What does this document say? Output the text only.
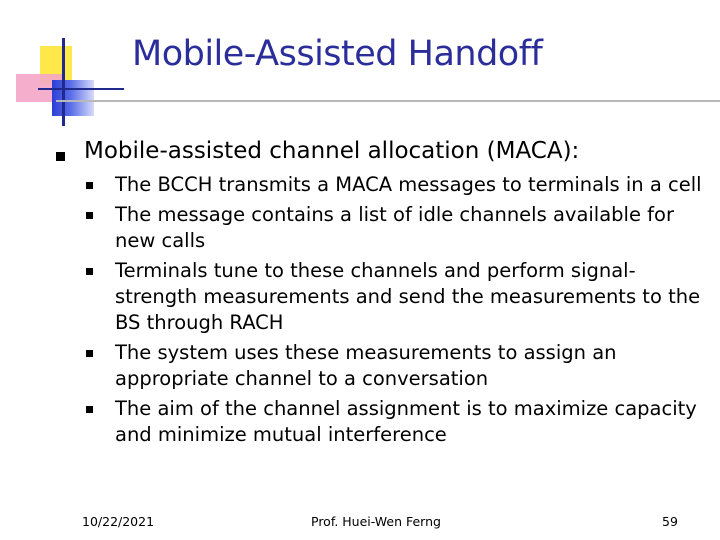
Mobile-Assisted Handoff
Mobile-assisted channel allocation (MACA):
The BCCH transmits a MACA messages to terminals in a cell
The message contains a list of idle channels available for new calls
Terminals tune to these channels and perform signal-strength measurements and send the measurements to the BS through RACH
The system uses these measurements to assign an appropriate channel to a conversation
The aim of the channel assignment is to maximize capacity and minimize mutual interference
10/22/2021	Prof. Huei-Wen Ferng	59
